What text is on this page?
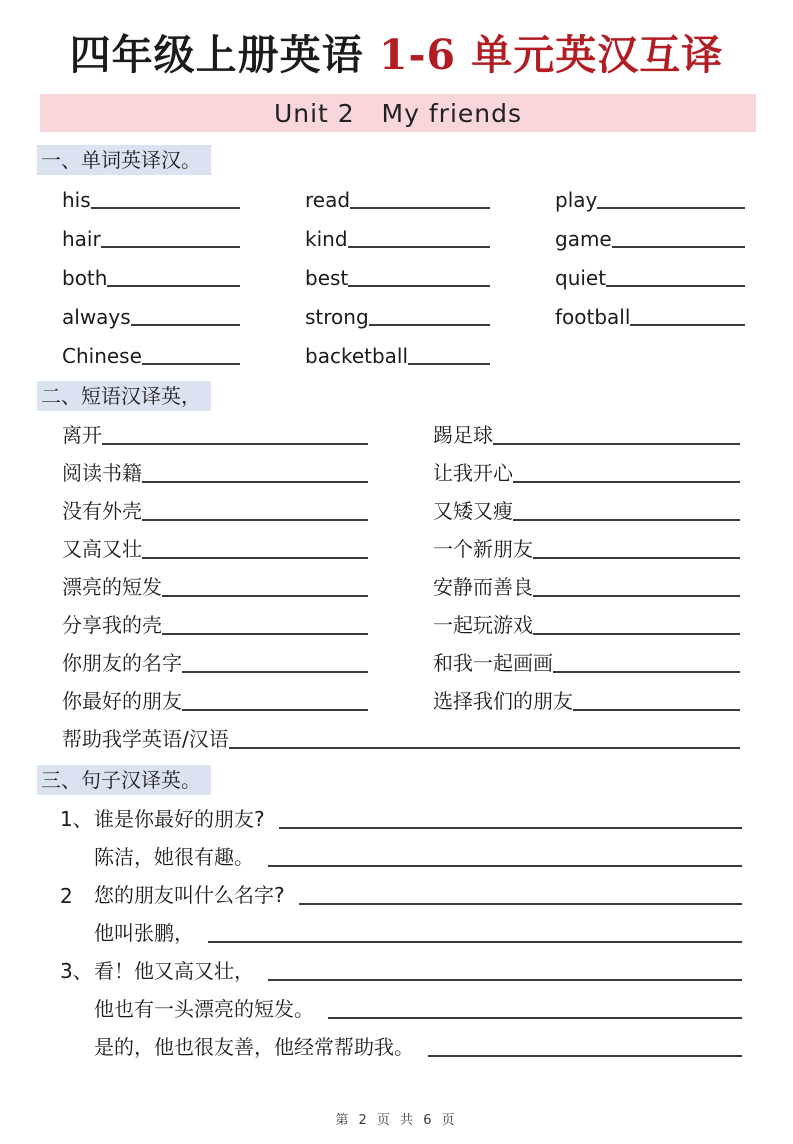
四年级上册英语 1-6 单元英汉互译
Unit 2   My friends
一、单词英译汉。
his	read	play
hair	kind	game
both	best	quiet
always	strong	football
Chinese	backetball
二、短语汉译英，
离开	踢足球
阅读书籍	让我开心
没有外壳	又矮又瘦
又高又壮	一个新朋友
漂亮的短发	安静而善良
分享我的壳	一起玩游戏
你朋友的名字	和我一起画画
你最好的朋友	选择我们的朋友
帮助我学英语/汉语
三、句子汉译英。
1、 谁是你最好的朋友?
陈洁，她很有趣。
2	您的朋友叫什么名字?
他叫张鹏，
3、 看！他又高又壮，
他也有一头漂亮的短发。
是的，他也很友善，他经常帮助我。
第 2 页 共 6 页
